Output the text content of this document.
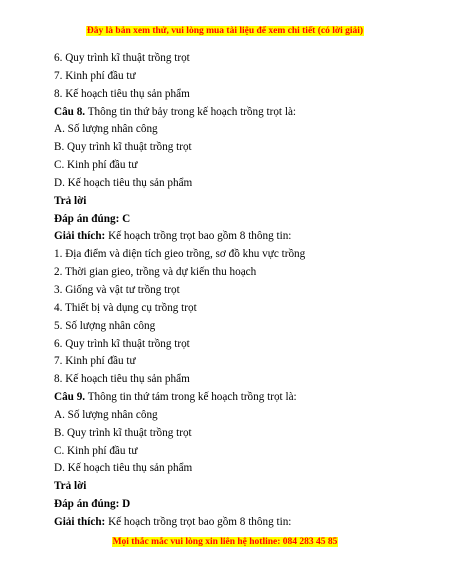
Đây là bản xem thử, vui lòng mua tài liệu để xem chi tiết (có lời giải)
6. Quy trình kĩ thuật trồng trọt
7. Kinh phí đầu tư
8. Kế hoạch tiêu thụ sản phẩm
Câu 8. Thông tin thứ bảy trong kế hoạch trồng trọt là:
A. Số lượng nhân công
B. Quy trình kĩ thuật trồng trọt
C. Kinh phí đầu tư
D. Kế hoạch tiêu thụ sản phẩm
Trả lời
Đáp án đúng: C
Giải thích: Kế hoạch trồng trọt bao gồm 8 thông tin:
1. Địa điểm và diện tích gieo trồng, sơ đồ khu vực trồng
2. Thời gian gieo, trồng và dự kiến thu hoạch
3. Giống và vật tư trồng trọt
4. Thiết bị và dụng cụ trồng trọt
5. Số lượng nhân công
6. Quy trình kĩ thuật trồng trọt
7. Kinh phí đầu tư
8. Kế hoạch tiêu thụ sản phẩm
Câu 9. Thông tin thứ tám trong kế hoạch trồng trọt là:
A. Số lượng nhân công
B. Quy trình kĩ thuật trồng trọt
C. Kinh phí đầu tư
D. Kế hoạch tiêu thụ sản phẩm
Trả lời
Đáp án đúng: D
Giải thích: Kế hoạch trồng trọt bao gồm 8 thông tin:
Mọi thắc mắc vui lòng xin liên hệ hotline: 084 283 45 85
